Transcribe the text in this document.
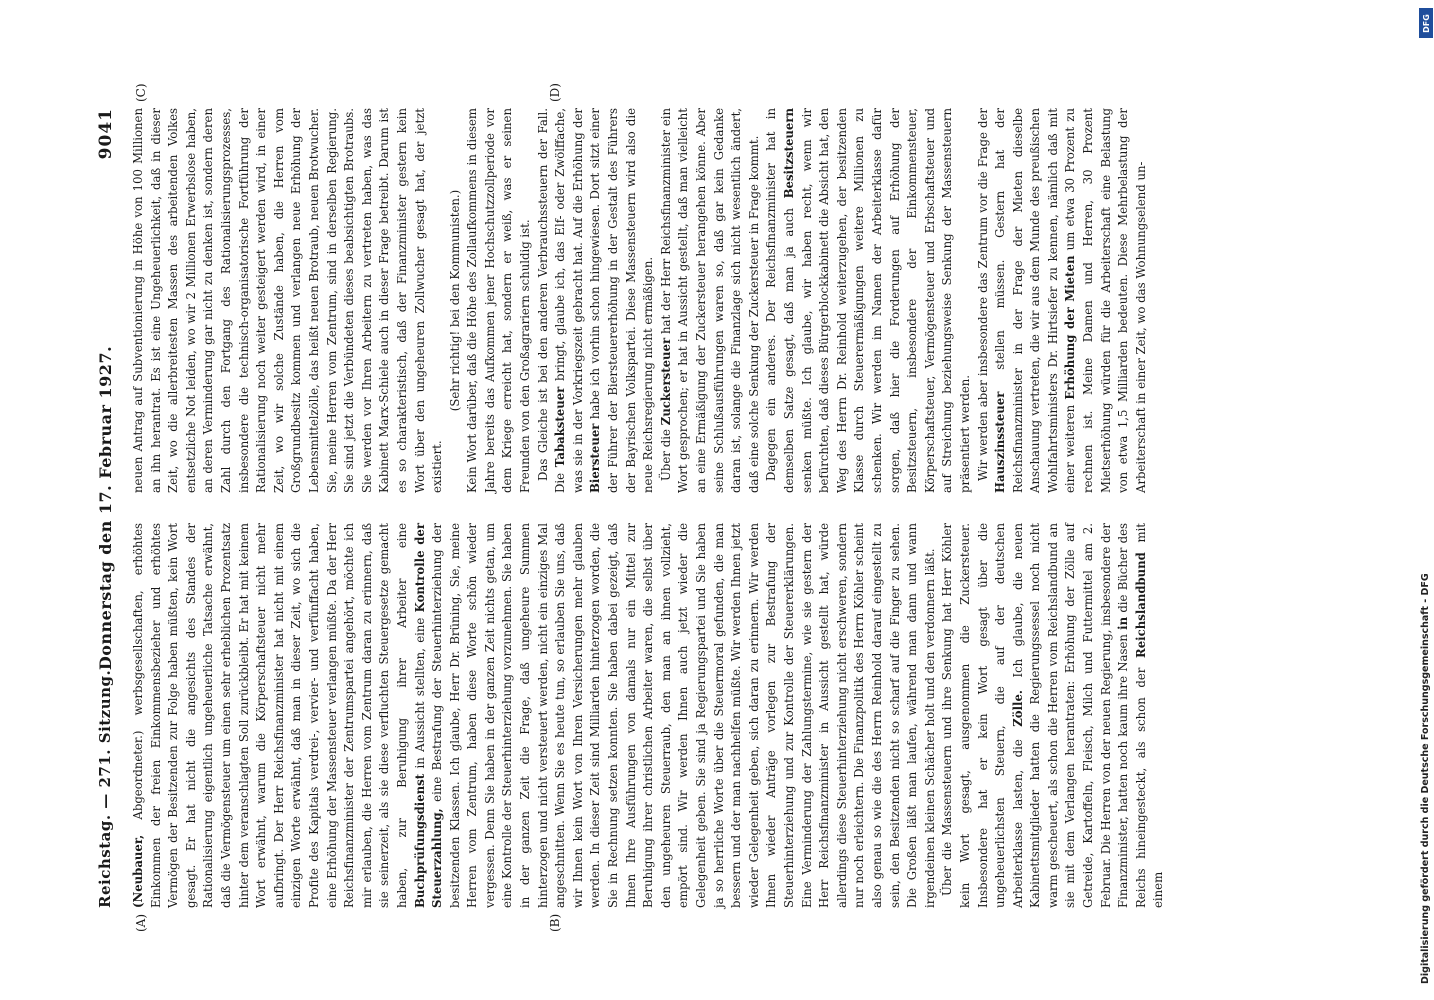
Reichstag. — 271. Sitzung.
Donnerstag den 17. Februar 1927.
9041
(A)	(B)
(C)	(D)

(Neubauer, Abgeordneter.) werbsgesellschaften, erhöhtes Einkommen der freien Einkommensbezieher und erhöhtes Vermögen der Besitzenden zur Folge haben müßten, kein Wort gesagt. Er hat nicht die angesichts des Standes der Rationalisierung eigentlich ungeheuerliche Tatsache erwähnt, daß die Vermögensteuer um einen sehr erheblichen Prozentsatz hinter dem veranschlagten Soll zurückbleibt. Er hat mit keinem Wort erwähnt, warum die Körperschaftsteuer nicht mehr aufbringt. Der Herr Reichsfinanzminister hat nicht mit einem einzigen Worte erwähnt, daß man in dieser Zeit, wo sich die Profite des Kapitals verdrei-, vervier- und verfünffacht haben, eine Erhöhung der Massensteuer verlangen müßte. Da der Herr Reichsfinanzminister der Zentrumspartei angehört, möchte ich mir erlauben, die Herren vom Zentrum daran zu erinnern, daß sie seinerzeit, als sie diese verfluchten Steuergesetze gemacht haben, zur Beruhigung ihrer Arbeiter eine Buchprüfungsdienst in Aussicht stellten, eine Kontrolle der Steuerzahlung, eine Bestrafung der Steuerhinterziehung der besitzenden Klassen. Ich glaube, Herr Dr. Brüning, Sie, meine Herren vom Zentrum, haben diese Worte schön wieder vergessen. Denn Sie haben in der ganzen Zeit nichts getan, um eine Kontrolle der Steuerhinterziehung vorzunehmen. Sie haben in der ganzen Zeit die Frage, daß ungeheure Summen hinterzogen und nicht versteuert werden, nicht ein einziges Mal angeschnitten. Wenn Sie es heute tun, so erlauben Sie uns, daß wir Ihnen kein Wort von Ihren Versicherungen mehr glauben werden. In dieser Zeit sind Milliarden hinterzogen worden, die Sie in Rechnung setzen konnten. Sie haben dabei gezeigt, daß Ihnen Ihre Ausführungen von damals nur ein Mittel zur Beruhigung ihrer christlichen Arbeiter waren, die selbst über den ungeheuren Steuerraub, den man an ihnen vollzieht, empört sind. Wir werden Ihnen auch jetzt wieder die Gelegenheit geben. Sie sind ja Regierungspartei und Sie haben ja so herrliche Worte über die Steuermoral gefunden, die man bessern und der man nachhelfen müßte. Wir werden Ihnen jetzt wieder Gelegenheit geben, sich daran zu erinnern. Wir werden Ihnen wieder Anträge vorlegen zur Bestrafung der Steuerhinterziehung und zur Kontrolle der Steuererklärungen. Eine Verminderung der Zahlungstermine, wie sie gestern der Herr Reichsfinanzminister in Aussicht gestellt hat, würde allerdings diese Steuerhinterziehung nicht erschweren, sondern nur noch erleichtern. Die Finanzpolitik des Herrn Köhler scheint also genau so wie die des Herrn Reinhold darauf eingestellt zu sein, den Besitzenden nicht so scharf auf die Finger zu sehen. Die Großen läßt man laufen, während man dann und wann irgendeinen kleinen Schächer holt und den verdonnern läßt. Über die Massensteuern und ihre Senkung hat Herr Köhler kein Wort gesagt, ausgenommen die Zuckersteuer. Insbesondere hat er kein Wort gesagt über die ungeheuerlichsten Steuern, die auf der deutschen Arbeiterklasse lasten, die Zölle. Ich glaube, die neuen Kabinettsmitglieder hatten die Regierungssessel noch nicht warm gescheuert, als schon die Herren vom Reichslandbund an sie mit dem Verlangen herantraten: Erhöhung der Zölle auf Getreide, Kartoffeln, Fleisch, Milch und Futtermittel am 2. Februar. Die Herren von der neuen Regierung, insbesondere der Finanzminister, hatten noch kaum ihre Nasen in die Bücher des Reichs hineingesteckt, als schon der Reichslandbund mit einem

neuen Antrag auf Subventionierung in Höhe von 100 Millionen an ihn herantrat. Es ist eine Ungeheuerlichkeit, daß in dieser Zeit, wo die allerbreitesten Massen des arbeitenden Volkes entsetzliche Not leiden, wo wir 2 Millionen Erwerbslose haben, an deren Verminderung gar nicht zu denken ist, sondern deren Zahl durch den Fortgang des Rationalisierungsprozesses, insbesondere die technisch-organisatorische Fortführung der Rationalisierung noch weiter gesteigert werden wird, in einer Zeit, wo wir solche Zustände haben, die Herren vom Großgrundbesitz kommen und verlangen neue Erhöhung der Lebensmittelzölle, das heißt neuen Brotraub, neuen Brotwucher. Sie, meine Herren vom Zentrum, sind in derselben Regierung. Sie sind jetzt die Verbündeten dieses beabsichtigten Brotraubs. Sie werden vor Ihren Arbeitern zu vertreten haben, was das Kabinett Marx-Schiele auch in dieser Frage betreibt. Darum ist es so charakteristisch, daß der Finanzminister gestern kein Wort über den ungeheuren Zollwucher gesagt hat, der jetzt existiert.

(Sehr richtig! bei den Kommunisten.) Kein Wort darüber, daß die Höhe des Zollaufkommens in diesem Jahre bereits das Aufkommen jener Hochschutzzollperiode vor dem Kriege erreicht hat, sondern er weiß, was er seinen Freunden von den Großagrariern schuldig ist. Das Gleiche ist bei den anderen Verbrauchssteuern der Fall. Die Tabaksteuer bringt, glaube ich, das Elf- oder Zwölffache, was sie in der Vorkriegszeit gebracht hat. Auf die Erhöhung der Biersteuer habe ich vorhin schon hingewiesen. Dort sitzt einer der Führer der Biersteuererhöhung in der Gestalt des Führers der Bayrischen Volkspartei. Diese Massensteuern wird also die neue Reichsregierung nicht ermäßigen. Über die Zuckersteuer hat der Herr Reichsfinanzminister ein Wort gesprochen; er hat in Aussicht gestellt, daß man vielleicht an eine Ermäßigung der Zuckersteuer herangehen könne. Aber seine Schlußausführungen waren so, daß gar kein Gedanke daran ist, solange die Finanzlage sich nicht wesentlich ändert, daß eine solche Senkung der Zuckersteuer in Frage kommt. Dagegen ein anderes. Der Reichsfinanzminister hat in demselben Satze gesagt, daß man ja auch Besitzsteuern senken müßte. Ich glaube, wir haben recht, wenn wir befürchten, daß dieses Bürgerblockkabinett die Absicht hat, den Weg des Herrn Dr. Reinhold weiterzugehen, der besitzenden Klasse durch Steuerermäßigungen weitere Millionen zu schenken. Wir werden im Namen der Arbeiterklasse dafür sorgen, daß hier die Forderungen auf Erhöhung der Besitzsteuern, insbesondere der Einkommensteuer, Körperschaftsteuer, Vermögensteuer und Erbschaftsteuer und auf Streichung beziehungsweise Senkung der Massensteuern präsentiert werden. Wir werden aber insbesondere das Zentrum vor die Frage der Hauszinssteuer stellen müssen. Gestern hat der Reichsfinanzminister in der Frage der Mieten dieselbe Anschauung vertreten, die wir aus dem Munde des preußischen Wohlfahrtsministers Dr. Hirtsiefer zu kennen, nämlich daß mit einer weiteren Erhöhung der Mieten um etwa 30 Prozent zu rechnen ist. Meine Damen und Herren, 30 Prozent Mietserhöhung würden für die Arbeiterschaft eine Belastung von etwa 1,5 Milliarden bedeuten. Diese Mehrbelastung der Arbeiterschaft in einer Zeit, wo das Wohnungselend un-

DFG
Digitalisierung gefördert durch die Deutsche Forschungsgemeinschaft - DFG
